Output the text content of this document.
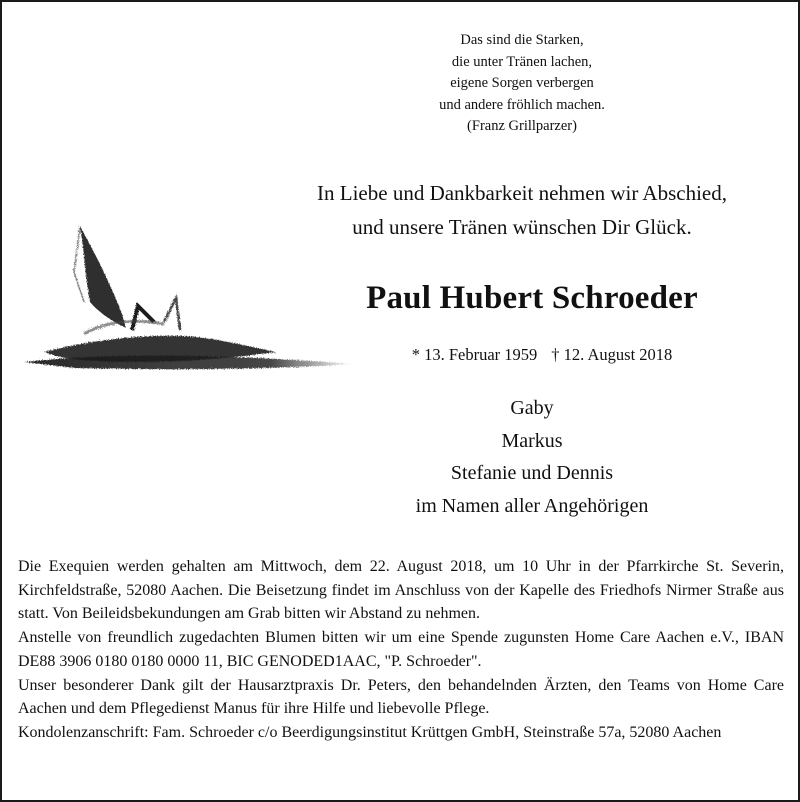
Das sind die Starken,
die unter Tränen lachen,
eigene Sorgen verbergen
und andere fröhlich machen.
(Franz Grillparzer)
In Liebe und Dankbarkeit nehmen wir Abschied,
und unsere Tränen wünschen Dir Glück.
Paul Hubert Schroeder
* 13. Februar 1959 † 12. August 2018
Gaby
Markus
Stefanie und Dennis
im Namen aller Angehörigen

Die Exequien werden gehalten am Mittwoch, dem 22. August 2018, um 10 Uhr in der Pfarrkirche St. Severin, Kirchfeldstraße, 52080 Aachen. Die Beisetzung findet im Anschluss von der Kapelle des Friedhofs Nirmer Straße aus statt. Von Beileidsbekundungen am Grab bitten wir Abstand zu nehmen.

Anstelle von freundlich zugedachten Blumen bitten wir um eine Spende zugunsten Home Care Aachen e.V., IBAN DE88 3906 0180 0180 0000 11, BIC GENODED1AAC, "P. Schroeder".

Unser besonderer Dank gilt der Hausarztpraxis Dr. Peters, den behandelnden Ärzten, den Teams von Home Care Aachen und dem Pflegedienst Manus für ihre Hilfe und liebevolle Pflege.

Kondolenzanschrift: Fam. Schroeder c/o Beerdigungsinstitut Krüttgen GmbH, Steinstraße 57a, 52080 Aachen
